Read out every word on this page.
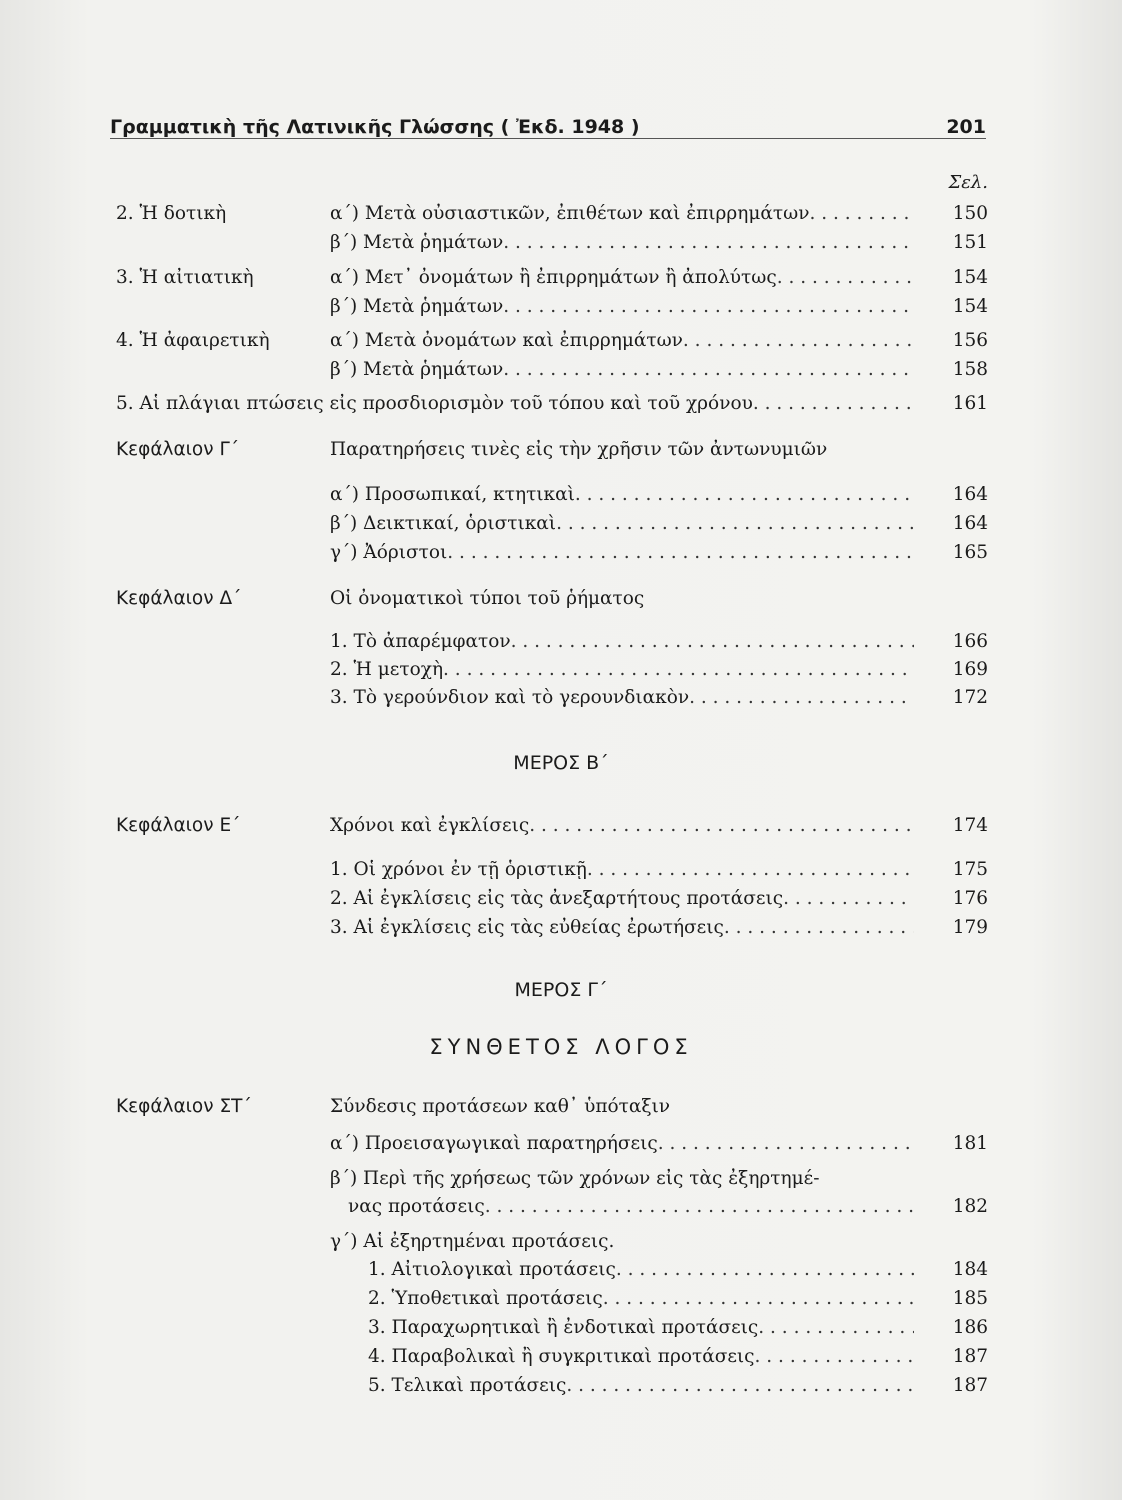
Γραμματικὴ τῆς Λατινικῆς Γλώσσης ( Ἐκδ. 1948 )	201
Σελ.
2. Ἡ δοτικὴ	α΄) Μετὰ οὐσιαστικῶν, ἐπιθέτων καὶ ἐπιρρημάτων . . .	150
β΄) Μετὰ ῥημάτων . . .	151
3. Ἡ αἰτιατικὴ	α΄) Μετ᾿ ὀνομάτων ἢ ἐπιρρημάτων ἢ ἀπολύτως . . .	154
β΄) Μετὰ ῥημάτων . . .	154
4. Ἡ ἀφαιρετικὴ	α΄) Μετὰ ὀνομάτων καὶ ἐπιρρημάτων . . .	156
β΄) Μετὰ ῥημάτων . . .	158
5. Αἱ πλάγιαι πτώσεις εἰς προσδιορισμὸν τοῦ τόπου καὶ τοῦ χρόνου . . .	161
Κεφάλαιον Γ΄	Παρατηρήσεις τινὲς εἰς τὴν χρῆσιν τῶν ἀντωνυμιῶν
α΄) Προσωπικαί, κτητικαὶ . . .	164
β΄) Δεικτικαί, ὁριστικαὶ . . .	164
γ΄) Ἀόριστοι . . .	165
Κεφάλαιον Δ΄	Οἱ ὀνοματικοὶ τύποι τοῦ ῥήματος
1. Τὸ ἀπαρέμφατον . . .	166
2. Ἡ μετοχὴ . . .	169
3. Τὸ γερούνδιον καὶ τὸ γερουνδιακὸν . . .	172
ΜΕΡΟΣ Β΄
Κεφάλαιον Ε΄	Χρόνοι καὶ ἐγκλίσεις . . .	174
1. Οἱ χρόνοι ἐν τῇ ὁριστικῇ . . .	175
2. Αἱ ἐγκλίσεις εἰς τὰς ἀνεξαρτήτους προτάσεις . . .	176
3. Αἱ ἐγκλίσεις εἰς τὰς εὐθείας ἐρωτήσεις . . .	179
ΜΕΡΟΣ Γ΄
ΣΥΝΘΕΤΟΣ ΛΟΓΟΣ
Κεφάλαιον ΣΤ΄	Σύνδεσις προτάσεων καθ᾿ ὑπόταξιν
α΄) Προεισαγωγικαὶ παρατηρήσεις . . .	181
β΄) Περὶ τῆς χρήσεως τῶν χρόνων εἰς τὰς ἐξηρτημέ-
νας προτάσεις . . .	182
γ΄) Αἱ ἐξηρτημέναι προτάσεις.
1. Αἰτιολογικαὶ προτάσεις . . .	184
2. Ὑποθετικαὶ προτάσεις . . .	185
3. Παραχωρητικαὶ ἢ ἐνδοτικαὶ προτάσεις . . .	186
4. Παραβολικαὶ ἢ συγκριτικαὶ προτάσεις . . .	187
5. Τελικαὶ προτάσεις . . .	187
